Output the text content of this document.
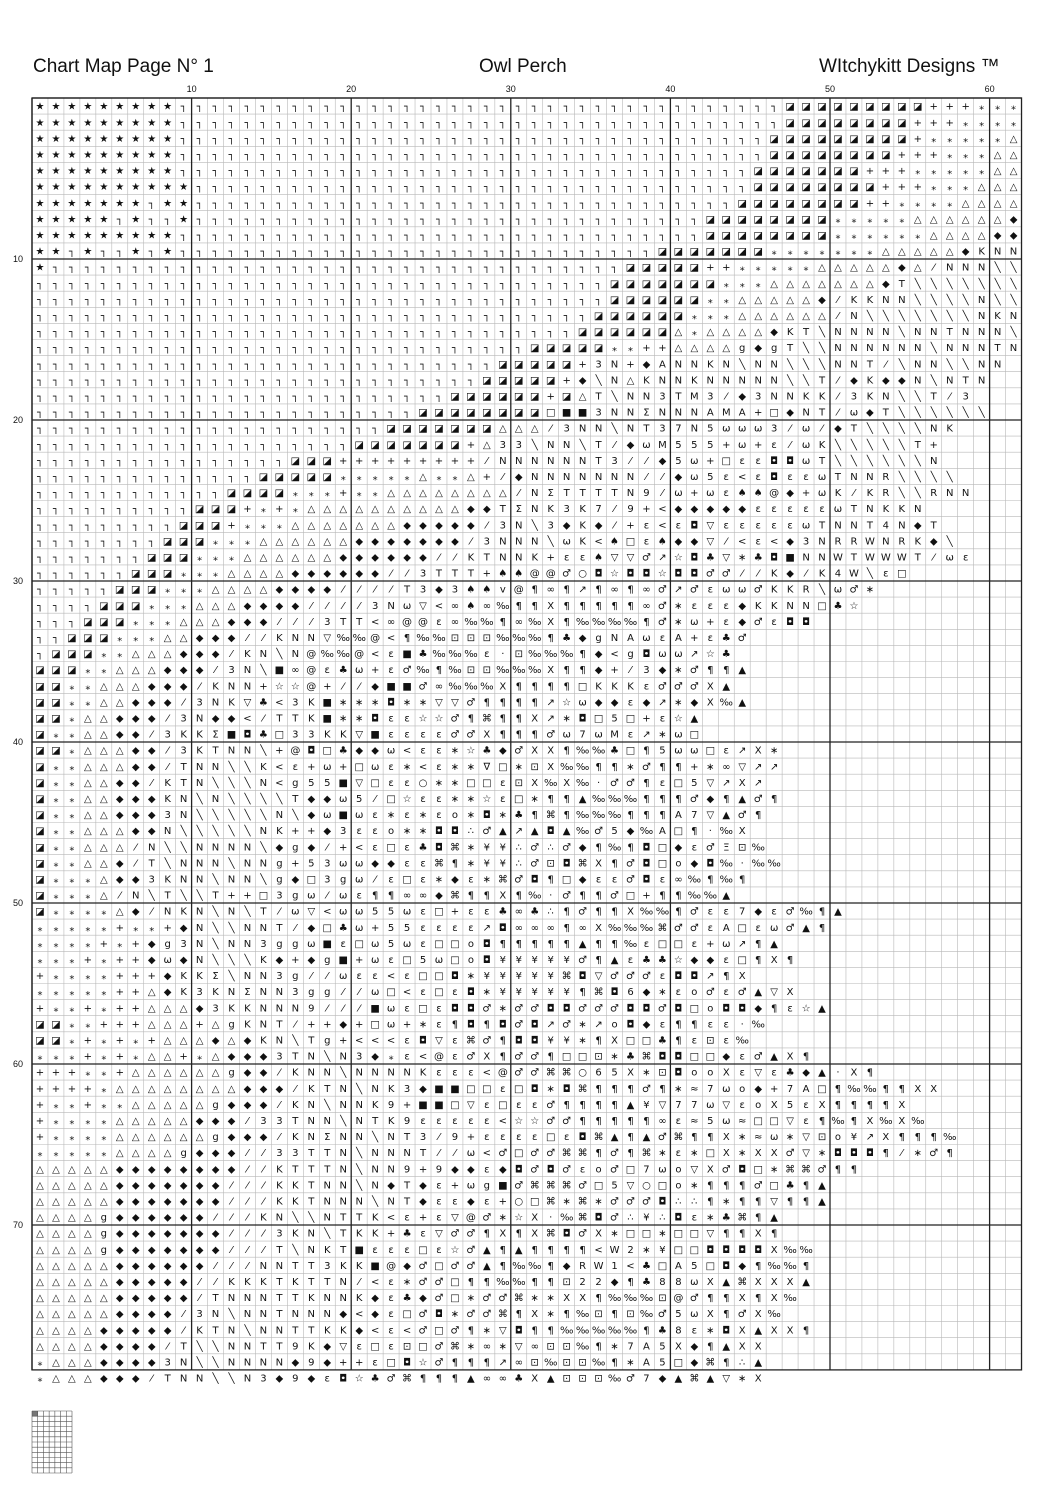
Chart Map Page N° 1	Owl Perch	WItchykitt Designs ™
10	20	30	40	50	60
10
20
30
40
50
60
70
★ ★ ★ ★ ★ ★ ★ ★ ★ ┐ ┐ ┐ ┐ ┐ ┐ ┐ ┐ ┐ ┐ ┐ ┐ ┐ ┐ ┐ ┐ ┐ ┐ ┐ ┐ ┐ ┐ ┐ ┐ ┐ ┐ ┐ ┐ ┐ ┐ ┐ ┐ ┐ ┐ ┐ ┐ ┐ ┐ ◪ ◪ ◪ ◪ ◪ ◪ ◪ ◪ ◪ + + + ⁎ ⁎ ⁎
★ ★ ★ ★ ★ ★ ★ ★ ★ ┐ ┐ ┐ ┐ ┐ ┐ ┐ ┐ ┐ ┐ ┐ ┐ ┐ ┐ ┐ ┐ ┐ ┐ ┐ ┐ ┐ ┐ ┐ ┐ ┐ ┐ ┐ ┐ ┐ ┐ ┐ ┐ ┐ ┐ ┐ ┐ ┐ ┐ ◪ ◪ ◪ ◪ ◪ ◪ ◪ ◪ + + + ⁎ ⁎ ⁎ ⁎
★ ★ ★ ★ ★ ★ ★ ★ ★ ┐ ┐ ┐ ┐ ┐ ┐ ┐ ┐ ┐ ┐ ┐ ┐ ┐ ┐ ┐ ┐ ┐ ┐ ┐ ┐ ┐ ┐ ┐ ┐ ┐ ┐ ┐ ┐ ┐ ┐ ┐ ┐ ┐ ┐ ┐ ┐ ┐ ◪ ◪ ◪ ◪ ◪ ◪ ◪ ◪ ◪ + ⁎ ⁎ ⁎ ⁎ ⁎ △
★ ★ ★ ★ ★ ★ ★ ★ ★ ┐ ┐ ┐ ┐ ┐ ┐ ┐ ┐ ┐ ┐ ┐ ┐ ┐ ┐ ┐ ┐ ┐ ┐ ┐ ┐ ┐ ┐ ┐ ┐ ┐ ┐ ┐ ┐ ┐ ┐ ┐ ┐ ┐ ┐ ┐ ┐ ┐ ◪ ◪ ◪ ◪ ◪ ◪ ◪ ◪ + + + ⁎ ⁎ ⁎ △ △
★ ★ ★ ★ ★ ★ ★ ★ ★ ┐ ┐ ┐ ┐ ┐ ┐ ┐ ┐ ┐ ┐ ┐ ┐ ┐ ┐ ┐ ┐ ┐ ┐ ┐ ┐ ┐ ┐ ┐ ┐ ┐ ┐ ┐ ┐ ┐ ┐ ┐ ┐ ┐ ┐ ┐ ┐ ◪ ◪ ◪ ◪ ◪ ◪ ◪ + + + ⁎ ⁎ ⁎ ⁎ ⁎ △ △
★ ★ ★ ★ ★ ★ ★ ★ ★ ★ ┐ ┐ ┐ ┐ ┐ ┐ ┐ ┐ ┐ ┐ ┐ ┐ ┐ ┐ ┐ ┐ ┐ ┐ ┐ ┐ ┐ ┐ ┐ ┐ ┐ ┐ ┐ ┐ ┐ ┐ ┐ ┐ ┐ ┐ ┐ ◪ ◪ ◪ ◪ ◪ ◪ ◪ ◪ + + + ⁎ ⁎ ⁎ △ △ △
★ ★ ★ ★ ★ ★ ★ ┐ ★ ★ ┐ ┐ ┐ ┐ ┐ ┐ ┐ ┐ ┐ ┐ ┐ ┐ ┐ ┐ ┐ ┐ ┐ ┐ ┐ ┐ ┐ ┐ ┐ ┐ ┐ ┐ ┐ ┐ ┐ ┐ ┐ ┐ ┐ ┐ ◪ ◪ ◪ ◪ ◪ ◪ ◪ ◪ + + ⁎ ⁎ ⁎ ⁎ △ △ △ △
★ ★ ★ ★ ★ ┐ ★ ┐ ┐ ★ ┐ ┐ ┐ ┐ ┐ ┐ ┐ ┐ ┐ ┐ ┐ ┐ ┐ ┐ ┐ ┐ ┐ ┐ ┐ ┐ ┐ ┐ ┐ ┐ ┐ ┐ ┐ ┐ ┐ ┐ ┐ ┐ ◪ ◪ ◪ ◪ ◪ ◪ ◪ ◪ ⁎ ⁎ ⁎ ⁎ ⁎ △ △ △ △ △ △ ◆
★ ★ ★ ★ ★ ★ ★ ★ ★ ┐ ┐ ┐ ┐ ┐ ┐ ┐ ┐ ┐ ┐ ┐ ┐ ┐ ┐ ┐ ┐ ┐ ┐ ┐ ┐ ┐ ┐ ┐ ┐ ┐ ┐ ┐ ┐ ┐ ┐ ┐ ┐ ┐ ◪ ◪ ◪ ◪ ◪ ◪ ◪ ◪ ⁎ ⁎ ⁎ ⁎ ⁎ ⁎ △ △ △ △ ◆ ◆
★ ★ ┐ ★ ┐ ┐ ★ ┐ ★ ┐ ┐ ┐ ┐ ┐ ┐ ┐ ┐ ┐ ┐ ┐ ┐ ┐ ┐ ┐ ┐ ┐ ┐ ┐ ┐ ┐ ┐ ┐ ┐ ┐ ┐ ┐ ┐ ┐ ┐ ◪ ◪ ◪ ◪ ◪ ◪ ◪ ⁎ ⁎ ⁎ ⁎ ⁎ ⁎ ⁎ △ △ △ △ △ ◆ K N N
★ ┐ ┐ ┐ ┐ ┐ ┐ ┐ ┐ ┐ ┐ ┐ ┐ ┐ ┐ ┐ ┐ ┐ ┐ ┐ ┐ ┐ ┐ ┐ ┐ ┐ ┐ ┐ ┐ ┐ ┐ ┐ ┐ ┐ ┐ ┐ ┐ ◪ ◪ ◪ ◪ ◪ + + ⁎ ⁎ ⁎ ⁎ ⁎ △ △ △ △ △ ◆ △ ⁄ N N N ╲ ╲
┐ ┐ ┐ ┐ ┐ ┐ ┐ ┐ ┐ ┐ ┐ ┐ ┐ ┐ ┐ ┐ ┐ ┐ ┐ ┐ ┐ ┐ ┐ ┐ ┐ ┐ ┐ ┐ ┐ ┐ ┐ ┐ ┐ ┐ ┐ ┐ ◪ ◪ ◪ ◪ ◪ ◪ ◪ ⁎ ⁎ ⁎ △ △ △ △ △ △ △ ◆ T ╲ ╲ ╲ ╲ ╲ ╲ ╲
┐ ┐ ┐ ┐ ┐ ┐ ┐ ┐ ┐ ┐ ┐ ┐ ┐ ┐ ┐ ┐ ┐ ┐ ┐ ┐ ┐ ┐ ┐ ┐ ┐ ┐ ┐ ┐ ┐ ┐ ┐ ┐ ┐ ┐ ┐ ┐ ◪ ◪ ◪ ◪ ◪ ◪ ⁎ ⁎ △ △ △ △ △ ◆ ⁄ K K N N ╲ ╲ ╲ ╲ N ╲ ╲
┐ ┐ ┐ ┐ ┐ ┐ ┐ ┐ ┐ ┐ ┐ ┐ ┐ ┐ ┐ ┐ ┐ ┐ ┐ ┐ ┐ ┐ ┐ ┐ ┐ ┐ ┐ ┐ ┐ ┐ ┐ ┐ ┐ ┐ ┐ ◪ ◪ ◪ ◪ ◪ ◪ ⁎ ⁎ ⁎ △ △ △ △ △ △ ⁄ N ╲ ╲ ╲ ╲ ╲ ╲ ╲ N K N
┐ ┐ ┐ ┐ ┐ ┐ ┐ ┐ ┐ ┐ ┐ ┐ ┐ ┐ ┐ ┐ ┐ ┐ ┐ ┐ ┐ ┐ ┐ ┐ ┐ ┐ ┐ ┐ ┐ ┐ ┐ ┐ ┐ ┐ ◪ ◪ ◪ ◪ ◪ ◪ △ ⁎ △ △ △ △ ◆ K T ╲ N N N N ╲ N N T N N N ╲
┐ ┐ ┐ ┐ ┐ ┐ ┐ ┐ ┐ ┐ ┐ ┐ ┐ ┐ ┐ ┐ ┐ ┐ ┐ ┐ ┐ ┐ ┐ ┐ ┐ ┐ ┐ ┐ ┐ ┐ ┐ ◪ ◪ ◪ ◪ ◪ ⁎ ⁎ + + △ △ △ △ g ◆ g T ╲ ╲ N N N N N N ╲ N N N T N
┐ ┐ ┐ ┐ ┐ ┐ ┐ ┐ ┐ ┐ ┐ ┐ ┐ ┐ ┐ ┐ ┐ ┐ ┐ ┐ ┐ ┐ ┐ ┐ ┐ ┐ ┐ ┐ ┐ ◪ ◪ ◪ ◪ ◪ + 3 N + ◆ A N N K N ╲ N N ╲ ╲ ╲ N N T ⁄ ╲ N N ╲ ╲ N N
┐ ┐ ┐ ┐ ┐ ┐ ┐ ┐ ┐ ┐ ┐ ┐ ┐ ┐ ┐ ┐ ┐ ┐ ┐ ┐ ┐ ┐ ┐ ┐ ┐ ┐ ┐ ┐ ◪ ◪ ◪ ◪ ◪ + ◆ ╲ N △ K N N K N N N N N ╲ ╲ T ⁄ ◆ K ◆ ◆ N ╲ N T N
┐ ┐ ┐ ┐ ┐ ┐ ┐ ┐ ┐ ┐ ┐ ┐ ┐ ┐ ┐ ┐ ┐ ┐ ┐ ┐ ┐ ┐ ┐ ┐ ┐ ┐ ◪ ◪ ◪ ◪ ◪ ◪ + ◪ △ T ╲ N N 3 T M 3 ⁄ ◆ 3 N N K K ⁄ 3 K N ╲ ╲ T ⁄ 3
┐ ┐ ┐ ┐ ┐ ┐ ┐ ┐ ┐ ┐ ┐ ┐ ┐ ┐ ┐ ┐ ┐ ┐ ┐ ┐ ┐ ┐ ┐ ┐ ◪ ◪ ◪ ◪ ◪ ◪ ◪ ◪ □ ■ ■ 3 N N Σ N N N A M A + □ ◆ N T ⁄ ω ◆ T ╲ ╲ ╲ ╲ ╲ ╲
┐ ┐ ┐ ┐ ┐ ┐ ┐ ┐ ┐ ┐ ┐ ┐ ┐ ┐ ┐ ┐ ┐ ┐ ┐ ┐ ┐ ┐ ◪ ◪ ◪ ◪ ◪ ◪ ◪ △ △ △ ⁄ 3 N N ╲ N T 3 7 N 5 ω ω ω 3 ⁄ ω ⁄ ◆ T ╲ ╲ ╲ ╲ N K
┐ ┐ ┐ ┐ ┐ ┐ ┐ ┐ ┐ ┐ ┐ ┐ ┐ ┐ ┐ ┐ ┐ ┐ ┐ ┐ ◪ ◪ ◪ ◪ ◪ ◪ ◪ + △ 3 3 ╲ N N ╲ T ⁄ ◆ ω M 5 5 5 + ω + ε ⁄ ω K ╲ ╲ ╲ ╲ ╲ T +
┐ ┐ ┐ ┐ ┐ ┐ ┐ ┐ ┐ ┐ ┐ ┐ ┐ ┐ ┐ ┐ ◪ ◪ ◪ + + + + + + + + + ⁄ N N N N N N T 3 ⁄ ⁄ ◆ 5 ω + □ ε ε ◘ ◘ ω T ╲ ╲ ╲ ╲ ╲ ╲ N
┐ ┐ ┐ ┐ ┐ ┐ ┐ ┐ ┐ ┐ ┐ ┐ ┐ ┐ ◪ ◪ ◪ ◪ ◪ ⁎ ⁎ ⁎ ⁎ ⁎ △ ⁎ ⁎ △ + ⁄ ◆ N N N N N N N ⁄ ⁄ ◆ ω 5 ε < ε ◘ ε ε ω T N N R ╲ ╲ ╲ ╲
┐ ┐ ┐ ┐ ┐ ┐ ┐ ┐ ┐ ┐ ┐ ┐ ◪ ◪ ◪ ◪ ⁎ ⁎ ⁎ + ⁎ ⁎ △ △ △ △ △ △ △ △ ⁄ N Σ T T T T N 9 ⁄ ω + ω ε ♠ ♠ @ ◆ + ω K ⁄ K R ╲ ╲ R N N
┐ ┐ ┐ ┐ ┐ ┐ ┐ ┐ ┐ ┐ ◪ ◪ ◪ + ⁎ + ⁎ △ △ △ △ △ △ △ △ △ △ ◆ ◆ T Σ N K 3 K 7 ⁄ 9 + < ◆ ◆ ◆ ◆ ◆ ε ε ε ε ε ω T N K K N
┐ ┐ ┐ ┐ ┐ ┐ ┐ ┐ ┐ ◪ ◪ ◪ + ⁎ ⁎ ⁎ △ △ △ △ △ △ △ ◆ ◆ ◆ ◆ ◆ ⁄ 3 N ╲ 3 ◆ K ◆ ⁄ + ε < ε ◘ ▽ ε ε ε ε ε ω T N N T 4 N ◆ T
┐ ┐ ┐ ┐ ┐ ┐ ┐ ┐ ◪ ◪ ◪ ⁎ ⁎ ⁎ △ △ △ △ △ △ ◆ ◆ ◆ ◆ ◆ ◆ ◆ ⁄ 3 N N N ╲ ω K < ♠ □ ε ♠ ◆ ◆ ▽ ⁄ < ε < ◆ 3 N R R W N R K ◆ ╲
┐ ┐ ┐ ┐ ┐ ┐ ┐ ◪ ◪ ◪ ⁎ ⁎ ⁎ △ △ △ △ △ △ ◆ ◆ ◆ ◆ ◆ ◆ ⁄ ⁄ K T N N K + ε ε ♠ ▽ ▽ ♂ ↗ ☆ ◘ ♣ ▽ ∗ ♣ ◘ ■ N N W T W W W T ⁄ ω ε
┐ ┐ ┐ ┐ ┐ ┐ ◪ ◪ ◪ ⁎ ⁎ ⁎ △ △ △ △ ◆ ◆ ◆ ◆ ◆ ◆ ⁄ ⁄ 3 T T T + ♠ ♠ @ @ ♂ ○ ◘ ☆ ◘ ◘ ☆ ◘ ◘ ♂ ♂ ⁄ ⁄ K ◆ ⁄ K 4 W ╲ ε □
┐ ┐ ┐ ┐ ┐ ◪ ◪ ◪ ⁎ ⁎ ⁎ △ △ △ △ ◆ ◆ ◆ ◆ ⁄ ⁄ ⁄ ⁄ T 3 ◆ 3 ♠ ♠ v @ ¶ ∞ ¶ ↗ ¶ ∞ ¶ ∞ ♂ ↗ ♂ ε ω ω ♂ K K R ╲ ω ♂ ∗
┐ ┐ ┐ ┐ ◪ ◪ ◪ ⁎ ⁎ ⁎ △ △ △ ◆ ◆ ◆ ◆ ⁄ ⁄ ⁄ ⁄ 3 N ω ▽ < ∞ ♠ ∞ ‰ ¶ ¶ X ¶ ¶ ¶ ¶ ¶ ∞ ♂ ∗ ε ε ε ◆ K K N N □ ♣ ☆
┐ ┐ ┐ ◪ ◪ ◪ ⁎ ⁎ ⁎ △ △ △ ◆ ◆ ◆ ⁄ ⁄ ⁄ 3 T T < ∞ @ @ ε ∞ ‰ ‰ ¶ ∞ ‰ X ¶ ‰ ‰ ‰ ‰ ¶ ♂ ∗ ω + ε ◆ ♂ ε ◘ ◘
┐ ┐ ◪ ◪ ◪ ⁎ ⁎ ⁎ △ △ ◆ ◆ ◆ ⁄ ⁄ K N N ▽ ‰ ‰ @ < ¶ ‰ ‰ ⊡ ⊡ ⊡ ‰ ‰ ‰ ¶ ♣ ◆ g N A ω ε A + ε ♣ ♂
┐ ◪ ◪ ◪ ⁎ ⁎ △ △ △ ◆ ◆ ◆ ⁄ K N ╲ N @ ‰ ‰ @ < ε ■ ♣ ‰ ‰ ‰ ε · ⊡ ‰ ‰ ‰ ¶ ◆ < g ◘ ω ω ↗ ☆ ♣
◪ ◪ ◪ ⁎ ⁎ △ △ △ ◆ ◆ ◆ ⁄ 3 N ╲ ■ ∞ @ ε ♣ ω + ε ♂ ‰ ¶ ‰ ⊡ ⊡ ‰ ‰ ‰ X ¶ ¶ ◆ + ⁄ 3 ◆ ∗ ♂ ¶ ¶ ▲
◪ ◪ ⁎ ⁎ △ △ △ ◆ ◆ ◆ ⁄ K N N + ☆ ☆ @ + ⁄ ⁄ ◆ ■ ■ ♂ ∞ ‰ ‰ ‰ X ¶ ¶ ¶ ¶ □ K K K ε ♂ ♂ ♂ X ▲
◪ ◪ ⁎ ⁎ △ △ ◆ ◆ ◆ ⁄ 3 N K ▽ ♣ < 3 K ■ ∗ ∗ ∗ ◘ ∗ ∗ ▽ ▽ ♂ ¶ ¶ ¶ ¶ ↗ ☆ ω ◆ ◆ ε ◆ ↗ ∗ ◆ X ‰ ▲
◪ ◪ ⁎ △ △ ◆ ◆ ◆ ⁄ 3 N ◆ ◆ < ⁄ T T K ■ ∗ ∗ ◘ ε ε ☆ ☆ ♂ ¶ ⌘ ¶ ¶ X ↗ ∗ ◘ □ 5 □ + ε ☆ ▲
◪ ⁎ ⁎ △ △ ◆ ◆ ⁄ 3 K K Σ ■ ◘ ♣ □ 3 3 K K ▽ ■ ε ε ε ε ♂ ♂ X ¶ ¶ ¶ ♂ ω 7 ω M ε ↗ ∗ ω □
◪ ◪ ⁎ △ △ △ ◆ ◆ ⁄ 3 K T N N ╲ + @ ◘ □ ♣ ◆ ◆ ω < ε ε ∗ ☆ ♣ ◆ ♂ X X ¶ ‰ ‰ ♣ □ ¶ 5 ω ω □ ε ↗ X ∗
◪ ⁎ ⁎ △ △ △ ◆ ◆ ⁄ T N N ╲ ╲ K < ε + ω + □ ω ε ∗ < ε ∗ ∗ ∇ □ ∗ ⊡ X ‰ ‰ ¶ ¶ ∗ ♂ ¶ ¶ + ∗ ∞ ▽ ↗ ↗
◪ ⁎ ⁎ △ △ ◆ ◆ ⁄ K T N ╲ ╲ ╲ N < g 5 5 ■ ▽ □ ε ε ○ ∗ ∗ □ □ ε ⊡ X ‰ X ‰ · ♂ ♂ ¶ ε □ 5 ▽ ↗ X ↗
◪ ⁎ ⁎ △ △ ◆ ◆ ◆ K N ╲ N ╲ ╲ ╲ ╲ T ◆ ◆ ω 5 ⁄ □ ☆ ε ε ∗ ∗ ☆ ε □ ∗ ¶ ¶ ▲ ‰ ‰ ‰ ¶ ¶ ¶ ♂ ◆ ¶ ▲ ♂ ¶
◪ ⁎ ⁎ △ △ ◆ ◆ ◆ 3 N ╲ ╲ ╲ ╲ ╲ N ╲ ◆ ω ■ ω ε ∗ ε ∗ ε ο ∗ ◘ ∗ ♣ ¶ ⌘ ¶ ‰ ‰ ‰ ¶ ¶ ¶ A 7 ▽ ▲ ♂ ¶
◪ ⁎ ⁎ △ △ △ ◆ ◆ N ╲ ╲ ╲ ╲ ╲ N K + + ◆ 3 ε ε ο ∗ ∗ ◘ ◘ ∴ ♂ ▲ ↗ ▲ ◘ ▲ ‰ ♂ 5 ◆ ‰ A □ ¶ · ‰ X
◪ ⁎ ⁎ △ △ △ ⁄ N ╲ ╲ N N N N ╲ ◆ g ◆ ⁄ + < ε □ ε ♣ ◘ ⌘ ∗ ¥ ¥ ∴ ♂ ∴ ♂ ◆ ¶ ‰ ¶ ◘ □ ◆ ε ♂ Ξ ⊡ ‰
◪ ⁎ ⁎ △ △ ◆ ⁄ T ╲ N N N ╲ N N g + 5 3 ω ω ◆ ◆ ε ε ⌘ ¶ ∗ ¥ ¥ ∴ ♂ ⊡ ◘ ⌘ X ¶ ♂ ◘ □ ο ◆ ◘ ‰ · ‰ ‰
◪ ⁎ ⁎ ⁎ △ ◆ ◆ 3 K N N ╲ N N ╲ g ◆ □ 3 g ω ⁄ ε □ ε ∗ ◆ ε ∗ ⌘ ♂ ◘ ¶ □ ◆ ε ε ♂ ◘ ε ∞ ‰ ¶ ‰ ¶
◪ ⁎ ⁎ ⁎ △ ⁄ N ╲ T ╲ ╲ T + + □ 3 g ω ⁄ ω ε ¶ ¶ ∞ ∞ ◆ ⌘ ¶ ¶ X ¶ ‰ · ♂ ¶ ¶ ♂ □ + ¶ ¶ ‰ ‰ ▲
◪ ⁎ ⁎ ⁎ ⁎ △ ◆ ⁄ N K N ╲ N ╲ T ⁄ ω ▽ < ω ω 5 5 ω ε □ + ε ε ♣ ∞ ♣ ∴ ¶ ♂ ¶ ¶ X ‰ ‰ ¶ ♂ ε ε 7 ◆ ε ♂ ‰ ¶ ▲
⁎ ⁎ ⁎ ⁎ ⁎ + ⁎ ⁎ + ◆ N ╲ ╲ N N T ⁄ ◆ □ ♣ ω + 5 5 ε ε ε ε ↗ ◘ ∞ ∞ ∞ ¶ ∞ X ‰ ‰ ‰ ⌘ ♂ ♂ ε A □ ε ω ♂ ▲ ¶
⁎ ⁎ ⁎ ⁎ + ⁎ + ◆ g 3 N ╲ N N 3 g g ω ■ ε □ ω 5 ω ε □ □ ο ◘ ¶ ¶ ¶ ¶ ¶ ▲ ¶ ¶ ‰ ε □ □ ε + ω ↗ ¶ ▲
⁎ ⁎ ⁎ + ⁎ + + ◆ ω ◆ N ╲ ╲ ╲ K ◆ + ◆ g ■ + ω ε □ 5 ω □ ο ◘ ¥ ¥ ¥ ¥ ¥ ♂ ¶ ▲ ε ♣ ♣ ☆ ◆ ◆ ε □ ¶ X ¶
+ ⁎ ⁎ ⁎ ⁎ + + + ◆ K K Σ ╲ N N 3 g ⁄ ⁄ ω ε ε < ε □ □ ◘ ∗ ¥ ¥ ¥ ¥ ¥ ⌘ ◘ ▽ ♂ ♂ ♂ ε ◘ ◘ ↗ ¶ X
⁎ ⁎ ⁎ ⁎ ⁎ + + △ ◆ K 3 K N Σ N N 3 g g ⁄ ⁄ ω □ < ε □ ε ◘ ∗ ¥ ¥ ¥ ¥ ¥ ¶ ⌘ ◘ 6 ◆ ∗ ε ο ♂ ε ♂ ▲ ▽ X
+ ⁎ ⁎ + ⁎ + + △ △ △ ◆ 3 K K N N N 9 ⁄ ⁄ ⁄ ■ ω ε □ ε ◘ ◘ ♂ ∗ ♂ ♂ ◘ ◘ ♂ ♂ ♂ ◘ ◘ ♂ ◘ □ ο ◘ ◘ ◆ ¶ ε ☆ ▲
◪ ◪ ⁎ ⁎ + + + △ △ △ + △ g K N T ⁄ + + ◆ + □ ω + ∗ ε ¶ ◘ ¶ ◘ ♂ ◘ ↗ ♂ ∗ ↗ ο ◘ ◆ ε ¶ ¶ ε ε · ‰
◪ ◪ ⁎ + ⁎ + ⁎ + △ △ △ ◆ △ ◆ K N ╲ T g + < < < ε ◘ ▽ ε ⌘ ♂ ¶ ◘ ◘ ¥ ¥ ∗ ¶ X □ □ ♣ ¶ ε ⊡ ε ‰
⁎ ⁎ ⁎ + ⁎ + ⁎ △ △ + ⁎ △ ◆ ◆ ◆ 3 T N ╲ N 3 ◆ ⁎ ε < @ ε ♂ X ¶ ♂ ♂ ¶ □ □ ⊡ ∗ ♣ ⌘ ◘ ◘ □ □ ◆ ε ♂ ▲ X ¶
+ + + ⁎ ⁎ + △ △ △ △ △ △ g ◆ ◆ ⁄ K N N ╲ N N N N K ε ε ε < @ ♂ ♂ ⌘ ⌘ ○ 6 5 X ∗ ⊡ ◘ ο ο X ε ▽ ε ♣ ◆ ▲ · X ¶
+ + + + ⁎ △ △ △ △ △ △ △ △ ◆ ◆ ◆ ⁄ K T N ╲ N K 3 ◆ ■ ■ □ □ ε □ ◘ ∗ ◘ ⌘ ¶ ¶ ¶ ♂ ¶ ∗ ≈ 7 ω ο ◆ + 7 A □ ¶ ‰ ‰ ¶ ¶ X X
+ ⁎ ⁎ + ⁎ ⁎ △ △ △ △ △ g ◆ ◆ ◆ ⁄ K N ╲ N N K 9 + ■ ■ □ ▽ ε □ ε ε ♂ ¶ ¶ ¶ ¶ ▲ ¥ ▽ 7 7 ω ▽ ε ο X 5 ε X ¶ ¶ ¶ ¶ X
+ ⁎ ⁎ ⁎ ⁎ △ △ △ △ △ ◆ ◆ ◆ ⁄ 3 3 T N N ╲ N T K 9 ε ε ε ε ε < ☆ ☆ ♂ ♂ ¶ ¶ ¶ ¶ ¶ ∞ ε ≈ 5 ω ≈ □ □ ▽ ε ¶ ‰ ¶ X ‰ X ‰
+ ⁎ ⁎ ⁎ ⁎ △ △ △ △ △ △ g ◆ ◆ ◆ ⁄ K N Σ N N ╲ N T 3 ⁄ 9 + ε ε ε ε □ ε ◘ ⌘ ▲ ¶ ▲ ♂ ⌘ ¶ ¶ X ∗ ≈ ω ∗ ▽ ⊡ ο ¥ ↗ X ¶ ¶ ¶ ‰
⁎ ⁎ ⁎ ⁎ ⁎ △ △ △ △ g ◆ ◆ ◆ ⁄ ⁄ 3 3 T T N ╲ N N N T ⁄ ⁄ ω < ♂ □ ♂ ♂ ⌘ ⌘ ¶ ♂ ¶ ⌘ ∗ ε ∗ □ X ∗ X X ♂ ▽ ∗ ◘ ◘ ◘ ¶ ⁄ ∗ ♂ ¶
△ △ △ △ △ ◆ ◆ ◆ ◆ ◆ ◆ ◆ ◆ ⁄ ⁄ K T T T N ╲ N N 9 + 9 ◆ ◆ ε ◆ ◘ ♂ ◘ ♂ ε ο ♂ □ 7 ω ο ▽ X ♂ ◘ □ ∗ ⌘ ⌘ ♂ ¶ ¶
△ △ △ △ △ ◆ ◆ ◆ ◆ ◆ ◆ ◆ ⁄ ⁄ ⁄ K K T N N ╲ N ◆ T ◆ ε + ω g ■ ♂ ⌘ ⌘ ⌘ ♂ □ 5 ▽ ○ □ ο ∗ ¶ ¶ ¶ ♂ □ ♣ ¶ ▲
△ △ △ △ △ ◆ ◆ ◆ ◆ ◆ ◆ ◆ ⁄ ⁄ ⁄ K K T N N N ╲ N T ◆ ε ε ◆ ε + ○ □ ⌘ ∗ ⌘ ∗ ♂ ♂ ♂ ◘ ∴ ∴ ¶ ∗ ¶ ¶ ▽ ¶ ¶ ▲
△ △ △ △ g ◆ ◆ ◆ ◆ ◆ ◆ ⁄ ⁄ ⁄ K N ╲ ╲ N T T K < ε + ε ▽ @ ♂ ∗ ☆ X · ‰ ⌘ ◘ ♂ ∴ ¥ ∴ ◘ ε ∗ ♣ ⌘ ¶ ▲
△ △ △ △ g ◆ ◆ ◆ ◆ ◆ ◆ ◆ ⁄ ⁄ ⁄ 3 K N ╲ T K K + ♣ ε ▽ ♂ ♂ ¶ X ¶ X ⌘ ◘ ♂ X ∗ □ □ ∗ □ □ ▽ ¶ ¶ X ¶
△ △ △ △ g ◆ ◆ ◆ ◆ ◆ ◆ ◆ ⁄ ⁄ ⁄ T ╲ N K T ■ ε ε ε □ ε ☆ ♂ ▲ ¶ ▲ ¶ ¶ ¶ ¶ < W 2 ∗ ¥ □ □ ◘ ◘ ◘ ◘ X ‰ ‰
△ △ △ △ △ ◆ ◆ ◆ ◆ ◆ ◆ ⁄ ⁄ ⁄ N N T T 3 K K ■ @ ◆ ♂ □ ♂ ♂ ▲ ¶ ‰ ‰ ¶ ◆ R W 1 < ♣ □ A 5 □ ◘ ◆ ¶ ‰ ‰ ¶
△ △ △ △ △ ◆ ◆ ◆ ◆ ◆ ⁄ ⁄ K K K T K T T N ⁄ < ε ∗ ♂ ♂ □ ¶ ¶ ‰ ‰ ¶ ¶ ⊡ 2 2 ◆ ¶ ♣ 8 8 ω X ▲ ⌘ X X X ▲
△ △ △ △ △ ◆ ◆ ◆ ◆ ◆ ⁄ T N N N T T K N N K ◆ ε ♣ ◆ ♂ □ ∗ ♂ ♂ ⌘ ∗ ∗ X X ¶ ‰ ‰ ‰ ⊡ @ ♂ ¶ ¶ X ¶ X ‰
△ △ △ △ △ ◆ ◆ ◆ ◆ ⁄ 3 N ╲ N N T N N N ◆ < ◆ ε □ ♂ ◘ ∗ ♂ ♂ ⌘ ¶ X ∗ ¶ ‰ ⊡ ¶ ⊡ ‰ ♂ 5 ω X ¶ ♂ X ‰
△ △ △ △ ◆ ◆ ◆ ◆ ◆ ⁄ K T N ╲ N N T T K K ◆ < ε < ♂ □ ♂ ¶ ∗ ▽ ◘ ¶ ¶ ‰ ‰ ‰ ‰ ‰ ¶ ♣ 8 ε ∗ ◘ X ▲ X X ¶
△ △ △ △ ◆ ◆ ◆ ◆ ⁄ T ╲ ╲ N N T T 9 K ◆ ▽ ε □ ε ⊡ □ ♂ ⌘ ∗ ∞ ∗ ▽ ∞ ⊡ ⊡ ‰ ¶ ∗ 7 A 5 X ◆ ¶ ▲ X X
⁎ △ △ △ ◆ ◆ ◆ ◆ 3 N ╲ ╲ N N N N ◆ 9 ◆ + + ε □ ◘ ☆ ♂ ¶ ¶ ¶ ↗ ∞ ⊡ ‰ ⊡ ⊡ ‰ ¶ ∗ A 5 □ ◆ ⌘ ¶ ∴ ▲
⁎ △ △ △ ◆ ◆ ◆ ⁄ T N N ╲ ╲ N 3 ◆ 9 ◆ ε ◘ ☆ ♣ ♂ ⌘ ¶ ¶ ¶ ▲ ∞ ∞ ♣ X ▲ ⊡ ⊡ ⊡ ‰ ♂ 7 ◆ ▲ ⌘ ▲ ▽ ∗ X
